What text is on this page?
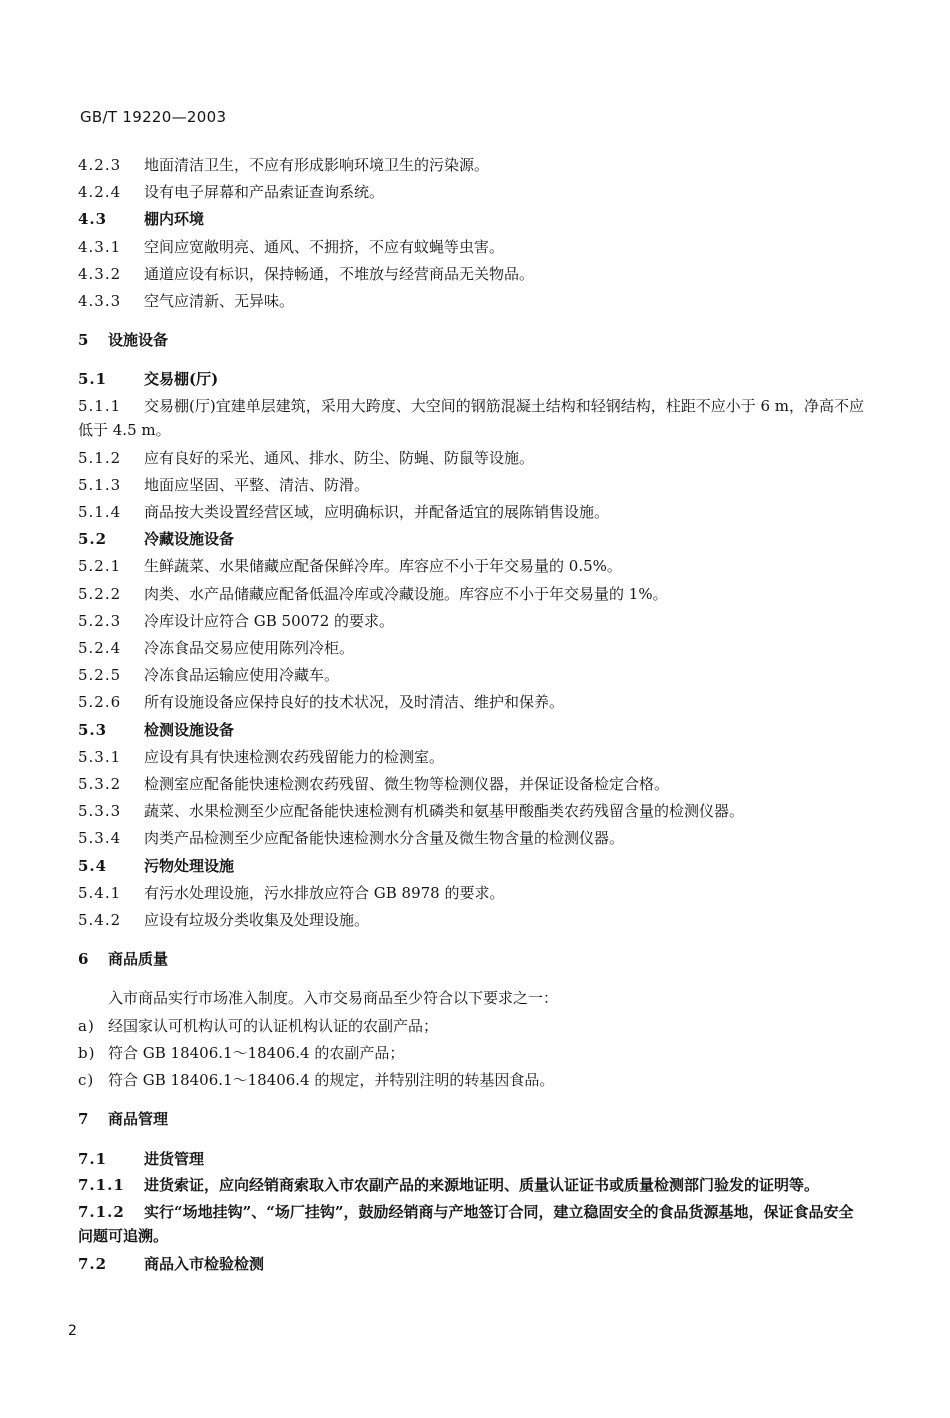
GB/T 19220—2003
4.2.3 地面清洁卫生，不应有形成影响环境卫生的污染源。
4.2.4 设有电子屏幕和产品索证查询系统。
4.3 棚内环境
4.3.1 空间应宽敞明亮、通风、不拥挤，不应有蚊蝇等虫害。
4.3.2 通道应设有标识，保持畅通，不堆放与经营商品无关物品。
4.3.3 空气应清新、无异味。
5 设施设备
5.1 交易棚(厅)
5.1.1 交易棚(厅)宜建单层建筑，采用大跨度、大空间的钢筋混凝土结构和轻钢结构，柱距不应小于 6 m，净高不应低于 4.5 m。
5.1.2 应有良好的采光、通风、排水、防尘、防蝇、防鼠等设施。
5.1.3 地面应坚固、平整、清洁、防滑。
5.1.4 商品按大类设置经营区域，应明确标识，并配备适宜的展陈销售设施。
5.2 冷藏设施设备
5.2.1 生鲜蔬菜、水果储藏应配备保鲜冷库。库容应不小于年交易量的 0.5%。
5.2.2 肉类、水产品储藏应配备低温冷库或冷藏设施。库容应不小于年交易量的 1%。
5.2.3 冷库设计应符合 GB 50072 的要求。
5.2.4 冷冻食品交易应使用陈列冷柜。
5.2.5 冷冻食品运输应使用冷藏车。
5.2.6 所有设施设备应保持良好的技术状况，及时清洁、维护和保养。
5.3 检测设施设备
5.3.1 应设有具有快速检测农药残留能力的检测室。
5.3.2 检测室应配备能快速检测农药残留、微生物等检测仪器，并保证设备检定合格。
5.3.3 蔬菜、水果检测至少应配备能快速检测有机磷类和氨基甲酸酯类农药残留含量的检测仪器。
5.3.4 肉类产品检测至少应配备能快速检测水分含量及微生物含量的检测仪器。
5.4 污物处理设施
5.4.1 有污水处理设施，污水排放应符合 GB 8978 的要求。
5.4.2 应设有垃圾分类收集及处理设施。
6 商品质量
入市商品实行市场准入制度。入市交易商品至少符合以下要求之一：
a) 经国家认可机构认可的认证机构认证的农副产品；
b) 符合 GB 18406.1～18406.4 的农副产品；
c) 符合 GB 18406.1～18406.4 的规定，并特别注明的转基因食品。
7 商品管理
7.1 进货管理
7.1.1 进货索证，应向经销商索取入市农副产品的来源地证明、质量认证证书或质量检测部门验发的证明等。
7.1.2 实行“场地挂钩”、“场厂挂钩”，鼓励经销商与产地签订合同，建立稳固安全的食品货源基地，保证食品安全问题可追溯。
7.2 商品入市检验检测
2
